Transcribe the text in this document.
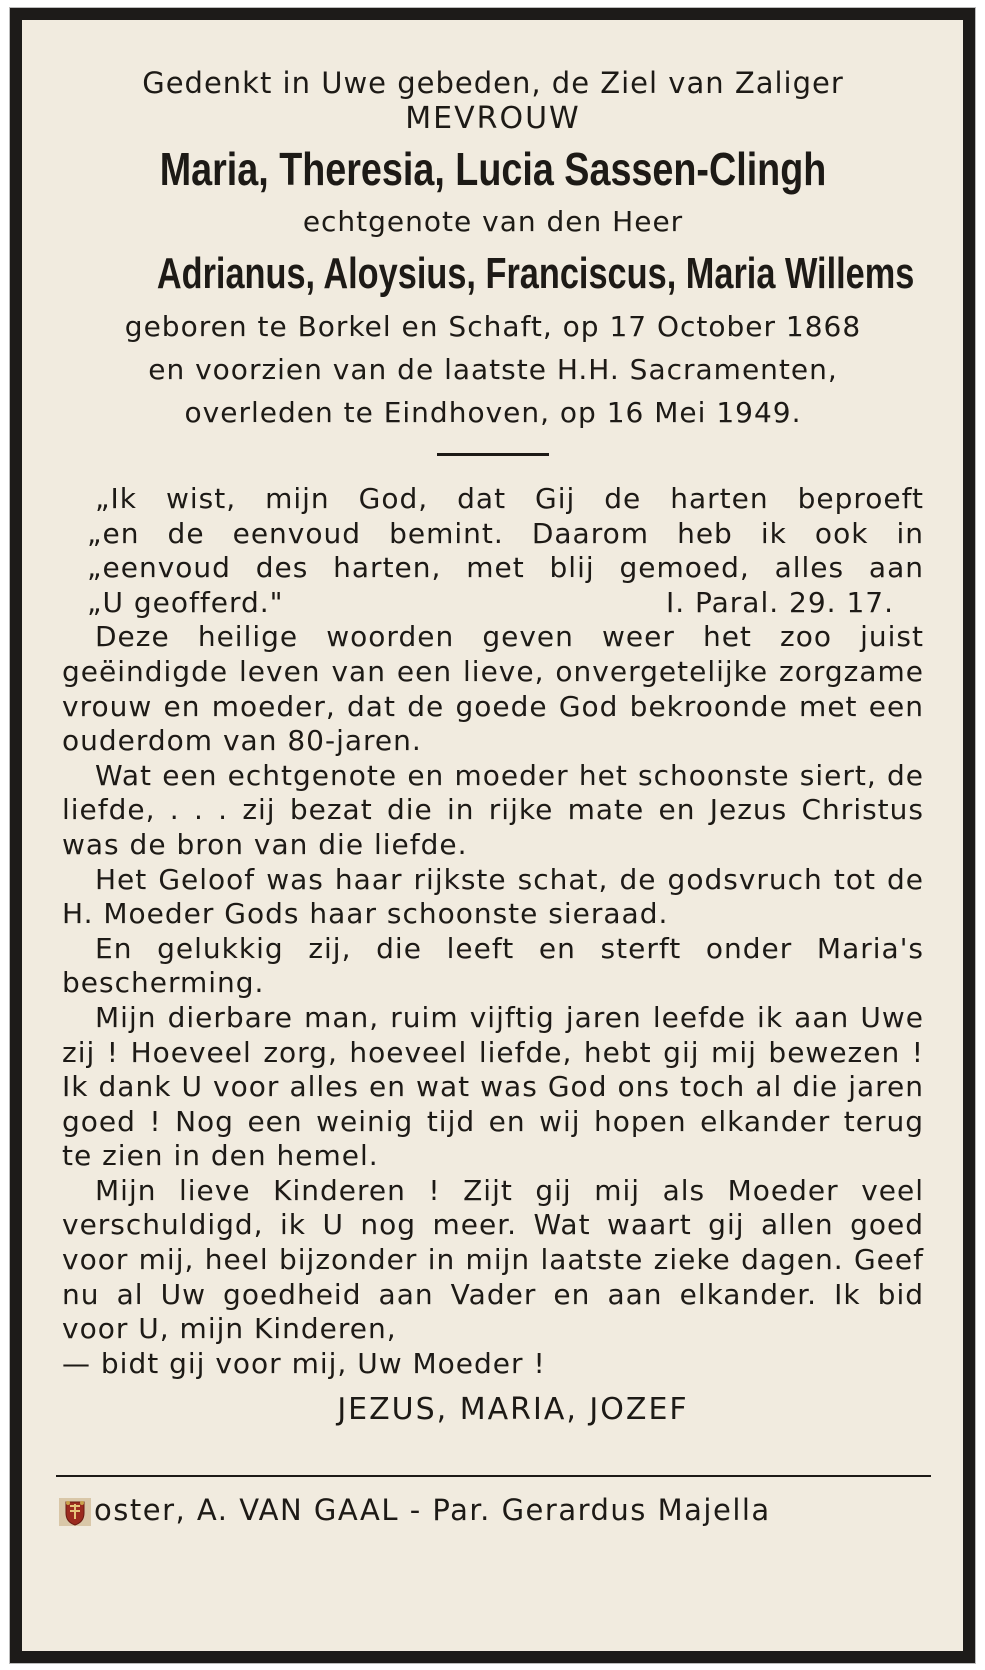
Gedenkt in Uwe gebeden, de Ziel van Zaliger
MEVROUW
Maria, Theresia, Lucia Sassen-Clingh
echtgenote van den Heer
Adrianus, Aloysius, Franciscus, Maria Willems
geboren te Borkel en Schaft, op 17 October 1868
en voorzien van de laatste H.H. Sacramenten,
overleden te Eindhoven, op 16 Mei 1949.
„Ik wist, mijn God, dat Gij de harten beproeft
„en de eenvoud bemint. Daarom heb ik ook in
„eenvoud des harten, met blij gemoed, alles aan
„U geofferd."	I. Paral. 29. 17.

Deze heilige woorden geven weer het zoo juist geëindigde leven van een lieve, onvergetelijke zorgzame vrouw en moeder, dat de goede God bekroonde met een ouderdom van 80-jaren.

Wat een echtgenote en moeder het schoonste siert, de liefde, . . . zij bezat die in rijke mate en Jezus Christus was de bron van die liefde.

Het Geloof was haar rijkste schat, de godsvruch tot de H. Moeder Gods haar schoonste sieraad.

En gelukkig zij, die leeft en sterft onder Maria's bescherming.

Mijn dierbare man, ruim vijftig jaren leefde ik aan Uwe zij ! Hoeveel zorg, hoeveel liefde, hebt gij mij bewezen ! Ik dank U voor alles en wat was God ons toch al die jaren goed ! Nog een weinig tijd en wij hopen elkander terug te zien in den hemel.

Mijn lieve Kinderen ! Zijt gij mij als Moeder veel verschuldigd, ik U nog meer. Wat waart gij allen goed voor mij, heel bijzonder in mijn laatste zieke dagen. Geef nu al Uw goedheid aan Vader en aan elkander. Ik bid voor U, mijn Kinderen,

— bidt gij voor mij, Uw Moeder !

JEZUS, MARIA, JOZEF
oster, A. VAN GAAL - Par. Gerardus Majella
